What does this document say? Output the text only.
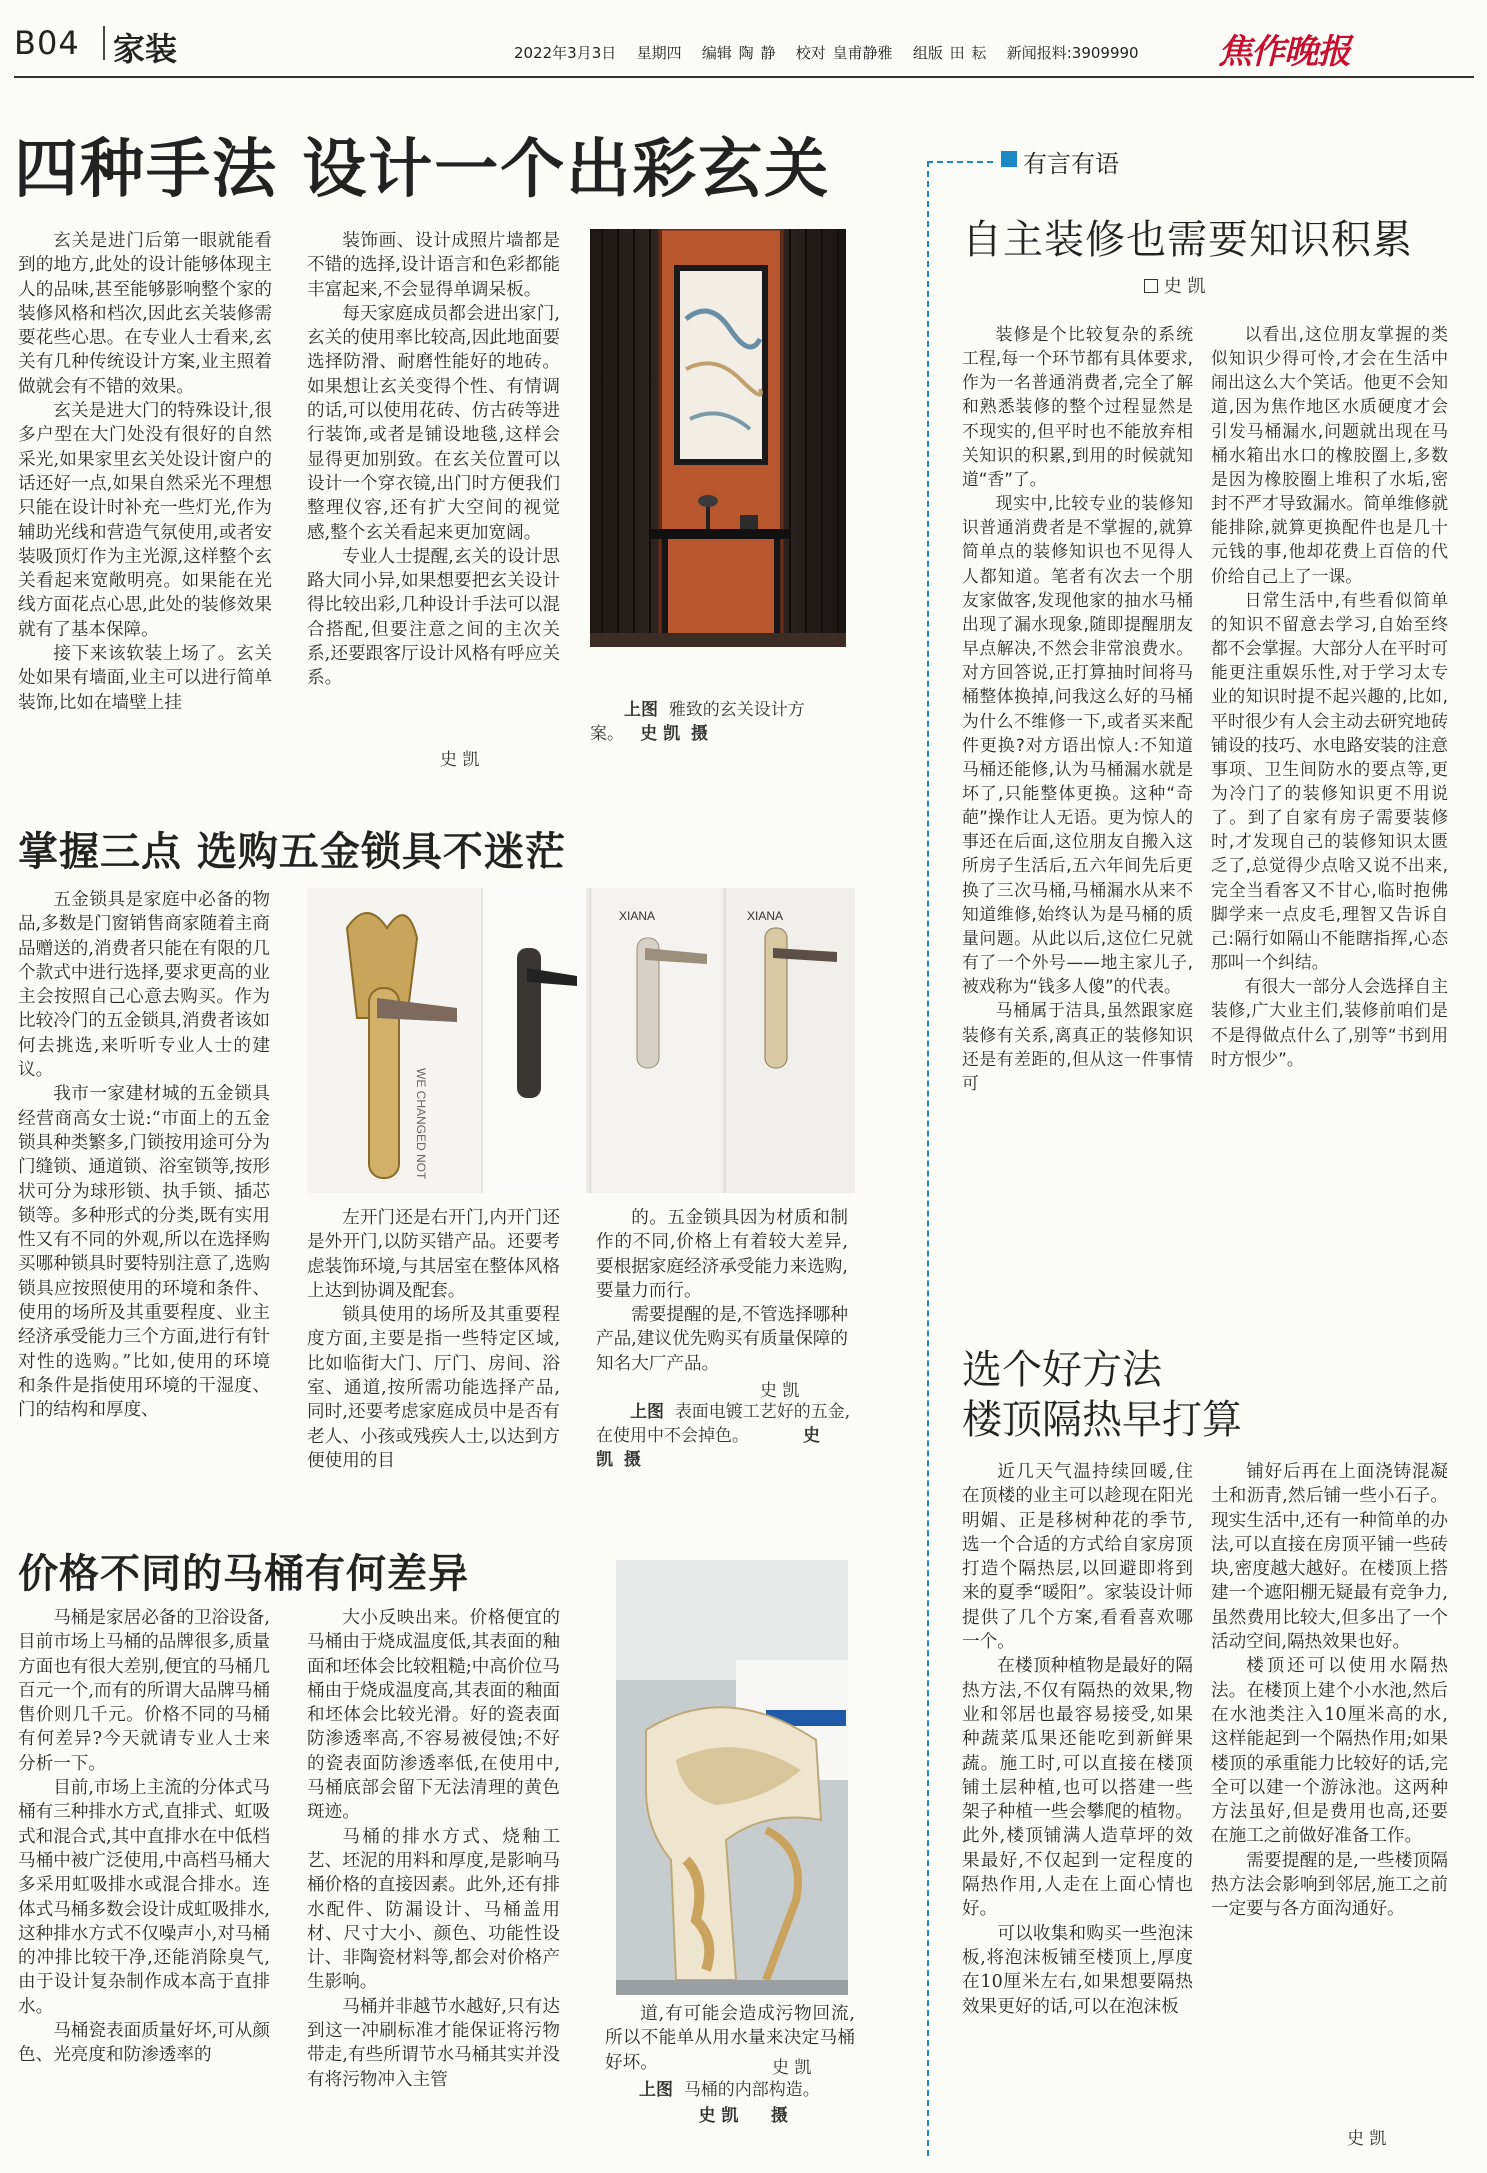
B04 家装	2022年3月3日 星期四 编辑 陶 静 校对 皇甫静雅 组版 田 耘 新闻报料:3909990 焦作晚报
四种手法 设计一个出彩玄关

玄关是进门后第一眼就能看到的地方,此处的设计能够体现主人的品味,甚至能够影响整个家的装修风格和档次,因此玄关装修需要花些心思。在专业人士看来,玄关有几种传统设计方案,业主照着做就会有不错的效果。

玄关是进大门的特殊设计,很多户型在大门处没有很好的自然采光,如果家里玄关处设计窗户的话还好一点,如果自然采光不理想只能在设计时补充一些灯光,作为辅助光线和营造气氛使用,或者安装吸顶灯作为主光源,这样整个玄关看起来宽敞明亮。如果能在光线方面花点心思,此处的装修效果就有了基本保障。

接下来该软装上场了。玄关处如果有墙面,业主可以进行简单装饰,比如在墙壁上挂

装饰画、设计成照片墙都是不错的选择,设计语言和色彩都能丰富起来,不会显得单调呆板。

每天家庭成员都会进出家门,玄关的使用率比较高,因此地面要选择防滑、耐磨性能好的地砖。如果想让玄关变得个性、有情调的话,可以使用花砖、仿古砖等进行装饰,或者是铺设地毯,这样会显得更加别致。在玄关位置可以设计一个穿衣镜,出门时方便我们整理仪容,还有扩大空间的视觉感,整个玄关看起来更加宽阔。

专业人士提醒,玄关的设计思路大同小异,如果想要把玄关设计得比较出彩,几种设计手法可以混合搭配,但要注意之间的主次关系,还要跟客厅设计风格有呼应关系。

史 凯
上图 雅致的玄关设计方案。 史 凯 摄
掌握三点 选购五金锁具不迷茫

五金锁具是家庭中必备的物品,多数是门窗销售商家随着主商品赠送的,消费者只能在有限的几个款式中进行选择,要求更高的业主会按照自己心意去购买。作为比较冷门的五金锁具,消费者该如何去挑选,来听听专业人士的建议。

我市一家建材城的五金锁具经营商高女士说:“市面上的五金锁具种类繁多,门锁按用途可分为门缝锁、通道锁、浴室锁等,按形状可分为球形锁、执手锁、插芯锁等。多种形式的分类,既有实用性又有不同的外观,所以在选择购买哪种锁具时要特别注意了,选购锁具应按照使用的环境和条件、使用的场所及其重要程度、业主经济承受能力三个方面,进行有针对性的选购。”比如,使用的环境和条件是指使用环境的干湿度、门的结构和厚度、

XIANA	XIANA
WE CHANGED NOT

左开门还是右开门,内开门还是外开门,以防买错产品。还要考虑装饰环境,与其居室在整体风格上达到协调及配套。

锁具使用的场所及其重要程度方面,主要是指一些特定区域,比如临街大门、厅门、房间、浴室、通道,按所需功能选择产品,同时,还要考虑家庭成员中是否有老人、小孩或残疾人士,以达到方便使用的目

的。五金锁具因为材质和制作的不同,价格上有着较大差异,要根据家庭经济承受能力来选购,要量力而行。

需要提醒的是,不管选择哪种产品,建议优先购买有质量保障的知名大厂产品。

史 凯
上图 表面电镀工艺好的五金,在使用中不会掉色。	史 凯 摄
价格不同的马桶有何差异

马桶是家居必备的卫浴设备,目前市场上马桶的品牌很多,质量方面也有很大差别,便宜的马桶几百元一个,而有的所谓大品牌马桶售价则几千元。价格不同的马桶有何差异?今天就请专业人士来分析一下。

目前,市场上主流的分体式马桶有三种排水方式,直排式、虹吸式和混合式,其中直排水在中低档马桶中被广泛使用,中高档马桶大多采用虹吸排水或混合排水。连体式马桶多数会设计成虹吸排水,这种排水方式不仅噪声小,对马桶的冲排比较干净,还能消除臭气,由于设计复杂制作成本高于直排水。

马桶瓷表面质量好坏,可从颜色、光亮度和防渗透率的

大小反映出来。价格便宜的马桶由于烧成温度低,其表面的釉面和坯体会比较粗糙;中高价位马桶由于烧成温度高,其表面的釉面和坯体会比较光滑。好的瓷表面防渗透率高,不容易被侵蚀;不好的瓷表面防渗透率低,在使用中,马桶底部会留下无法清理的黄色斑迹。

马桶的排水方式、烧釉工艺、坯泥的用料和厚度,是影响马桶价格的直接因素。此外,还有排水配件、防漏设计、马桶盖用材、尺寸大小、颜色、功能性设计、非陶瓷材料等,都会对价格产生影响。

马桶并非越节水越好,只有达到这一冲刷标准才能保证将污物带走,有些所谓节水马桶其实并没有将污物冲入主管

道,有可能会造成污物回流,所以不能单从用水量来决定马桶好坏。	史 凯
上图 马桶的内部构造。
史 凯 摄
有言有语
自主装修也需要知识积累
史 凯

装修是个比较复杂的系统工程,每一个环节都有具体要求,作为一名普通消费者,完全了解和熟悉装修的整个过程显然是不现实的,但平时也不能放弃相关知识的积累,到用的时候就知道“香”了。

现实中,比较专业的装修知识普通消费者是不掌握的,就算简单点的装修知识也不见得人人都知道。笔者有次去一个朋友家做客,发现他家的抽水马桶出现了漏水现象,随即提醒朋友早点解决,不然会非常浪费水。对方回答说,正打算抽时间将马桶整体换掉,问我这么好的马桶为什么不维修一下,或者买来配件更换?对方语出惊人:不知道马桶还能修,认为马桶漏水就是坏了,只能整体更换。这种“奇葩”操作让人无语。更为惊人的事还在后面,这位朋友自搬入这所房子生活后,五六年间先后更换了三次马桶,马桶漏水从来不知道维修,始终认为是马桶的质量问题。从此以后,这位仁兄就有了一个外号——地主家儿子,被戏称为“钱多人傻”的代表。

马桶属于洁具,虽然跟家庭装修有关系,离真正的装修知识还是有差距的,但从这一件事情可

以看出,这位朋友掌握的类似知识少得可怜,才会在生活中闹出这么大个笑话。他更不会知道,因为焦作地区水质硬度才会引发马桶漏水,问题就出现在马桶水箱出水口的橡胶圈上,多数是因为橡胶圈上堆积了水垢,密封不严才导致漏水。简单维修就能排除,就算更换配件也是几十元钱的事,他却花费上百倍的代价给自己上了一课。

日常生活中,有些看似简单的知识不留意去学习,自始至终都不会掌握。大部分人在平时可能更注重娱乐性,对于学习太专业的知识时提不起兴趣的,比如,平时很少有人会主动去研究地砖铺设的技巧、水电路安装的注意事项、卫生间防水的要点等,更为冷门了的装修知识更不用说了。到了自家有房子需要装修时,才发现自己的装修知识太匮乏了,总觉得少点啥又说不出来,完全当看客又不甘心,临时抱佛脚学来一点皮毛,理智又告诉自己:隔行如隔山不能瞎指挥,心态那叫一个纠结。

有很大一部分人会选择自主装修,广大业主们,装修前咱们是不是得做点什么了,别等“书到用时方恨少”。

选个好方法
楼顶隔热早打算

近几天气温持续回暖,住在顶楼的业主可以趁现在阳光明媚、正是移树种花的季节,选一个合适的方式给自家房顶打造个隔热层,以回避即将到来的夏季“暖阳”。家装设计师提供了几个方案,看看喜欢哪一个。

在楼顶种植物是最好的隔热方法,不仅有隔热的效果,物业和邻居也最容易接受,如果种蔬菜瓜果还能吃到新鲜果蔬。施工时,可以直接在楼顶铺土层种植,也可以搭建一些架子种植一些会攀爬的植物。此外,楼顶铺满人造草坪的效果最好,不仅起到一定程度的隔热作用,人走在上面心情也好。

可以收集和购买一些泡沫板,将泡沫板铺至楼顶上,厚度在10厘米左右,如果想要隔热效果更好的话,可以在泡沫板

铺好后再在上面浇铸混凝土和沥青,然后铺一些小石子。现实生活中,还有一种简单的办法,可以直接在房顶平铺一些砖块,密度越大越好。在楼顶上搭建一个遮阳棚无疑最有竞争力,虽然费用比较大,但多出了一个活动空间,隔热效果也好。

楼顶还可以使用水隔热法。在楼顶上建个小水池,然后在水池类注入10厘米高的水,这样能起到一个隔热作用;如果楼顶的承重能力比较好的话,完全可以建一个游泳池。这两种方法虽好,但是费用也高,还要在施工之前做好准备工作。

需要提醒的是,一些楼顶隔热方法会影响到邻居,施工之前一定要与各方面沟通好。

史 凯
